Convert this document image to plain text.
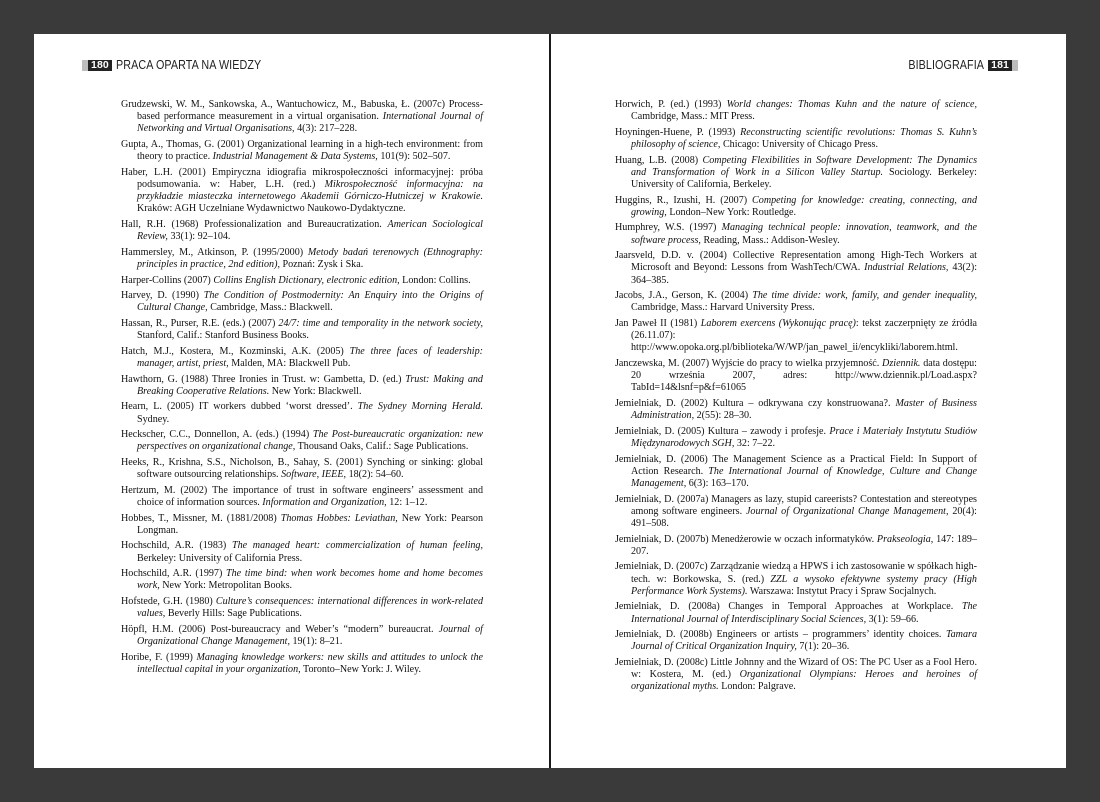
180 PRACA OPARTA NA WIEDZY

Grudzewski, W. M., Sankowska, A., Wantuchowicz, M., Babuska, Ł. (2007c) Process-based performance measurement in a virtual organisation. International Journal of Networking and Virtual Organisations, 4(3): 217–228.

Gupta, A., Thomas, G. (2001) Organizational learning in a high-tech environment: from theory to practice. Industrial Management & Data Systems, 101(9): 502–507.

Haber, L.H. (2001) Empiryczna idiografia mikrospołeczności informacyjnej: próba podsumowania. w: Haber, L.H. (red.) Mikrospołeczność informacyjna: na przykładzie miasteczka internetowego Akademii Górniczo-Hutniczej w Krakowie. Kraków: AGH Uczelniane Wydawnictwo Naukowo-Dydaktyczne.

Hall, R.H. (1968) Professionalization and Bureaucratization. American Sociological Review, 33(1): 92–104.

Hammersley, M., Atkinson, P. (1995/2000) Metody badań terenowych (Ethnography: principles in practice, 2nd edition), Poznań: Zysk i Ska.

Harper-Collins (2007) Collins English Dictionary, electronic edition, London: Collins.

Harvey, D. (1990) The Condition of Postmodernity: An Enquiry into the Origins of Cultural Change, Cambridge, Mass.: Blackwell.

Hassan, R., Purser, R.E. (eds.) (2007) 24/7: time and temporality in the network society, Stanford, Calif.: Stanford Business Books.

Hatch, M.J., Kostera, M., Kozminski, A.K. (2005) The three faces of leadership: manager, artist, priest, Malden, MA: Blackwell Pub.

Hawthorn, G. (1988) Three Ironies in Trust. w: Gambetta, D. (ed.) Trust: Making and Breaking Cooperative Relations. New York: Blackwell.

Hearn, L. (2005) IT workers dubbed ‘worst dressed’. The Sydney Morning Herald. Sydney.

Heckscher, C.C., Donnellon, A. (eds.) (1994) The Post-bureaucratic organization: new perspectives on organizational change, Thousand Oaks, Calif.: Sage Publications.

Heeks, R., Krishna, S.S., Nicholson, B., Sahay, S. (2001) Synching or sinking: global software outsourcing relationships. Software, IEEE, 18(2): 54–60.

Hertzum, M. (2002) The importance of trust in software engineers’ assessment and choice of information sources. Information and Organization, 12: 1–12.

Hobbes, T., Missner, M. (1881/2008) Thomas Hobbes: Leviathan, New York: Pearson Longman.

Hochschild, A.R. (1983) The managed heart: commercialization of human feeling, Berkeley: University of California Press.

Hochschild, A.R. (1997) The time bind: when work becomes home and home becomes work, New York: Metropolitan Books.

Hofstede, G.H. (1980) Culture’s consequences: international differences in work-related values, Beverly Hills: Sage Publications.

Höpfl, H.M. (2006) Post-bureaucracy and Weber’s “modern” bureaucrat. Journal of Organizational Change Management, 19(1): 8–21.

Horibe, F. (1999) Managing knowledge workers: new skills and attitudes to unlock the intellectual capital in your organization, Toronto–New York: J. Wiley.

BIBLIOGRAFIA 181

Horwich, P. (ed.) (1993) World changes: Thomas Kuhn and the nature of science, Cambridge, Mass.: MIT Press.

Hoyningen-Huene, P. (1993) Reconstructing scientific revolutions: Thomas S. Kuhn’s philosophy of science, Chicago: University of Chicago Press.

Huang, L.B. (2008) Competing Flexibilities in Software Development: The Dynamics and Transformation of Work in a Silicon Valley Startup. Sociology. Berkeley: University of California, Berkeley.

Huggins, R., Izushi, H. (2007) Competing for knowledge: creating, connecting, and growing, London–New York: Routledge.

Humphrey, W.S. (1997) Managing technical people: innovation, teamwork, and the software process, Reading, Mass.: Addison-Wesley.

Jaarsveld, D.D. v. (2004) Collective Representation among High-Tech Workers at Microsoft and Beyond: Lessons from WashTech/CWA. Industrial Relations, 43(2): 364–385.

Jacobs, J.A., Gerson, K. (2004) The time divide: work, family, and gender inequality, Cambridge, Mass.: Harvard University Press.

Jan Paweł II (1981) Laborem exercens (Wykonując pracę): tekst zaczerpnięty ze źródła (26.11.07): http://www.opoka.org.pl/biblioteka/W/WP/jan_pawel_ii/encykliki/laborem.html.

Janczewska, M. (2007) Wyjście do pracy to wielka przyjemność. Dziennik. data dostępu: 20 września 2007, adres: http://www.dziennik.pl/Load.aspx?TabId=14&lsnf=p&f=61065

Jemielniak, D. (2002) Kultura – odkrywana czy konstruowana?. Master of Business Administration, 2(55): 28–30.

Jemielniak, D. (2005) Kultura – zawody i profesje. Prace i Materiały Instytutu Studiów Międzynarodowych SGH, 32: 7–22.

Jemielniak, D. (2006) The Management Science as a Practical Field: In Support of Action Research. The International Journal of Knowledge, Culture and Change Management, 6(3): 163–170.

Jemielniak, D. (2007a) Managers as lazy, stupid careerists? Contestation and stereotypes among software engineers. Journal of Organizational Change Management, 20(4): 491–508.

Jemielniak, D. (2007b) Menedżerowie w oczach informatyków. Prakseologia, 147: 189–207.

Jemielniak, D. (2007c) Zarządzanie wiedzą a HPWS i ich zastosowanie w spółkach high-tech. w: Borkowska, S. (red.) ZZL a wysoko efektywne systemy pracy (High Performance Work Systems). Warszawa: Instytut Pracy i Spraw Socjalnych.

Jemielniak, D. (2008a) Changes in Temporal Approaches at Workplace. The International Journal of Interdisciplinary Social Sciences, 3(1): 59–66.

Jemielniak, D. (2008b) Engineers or artists – programmers’ identity choices. Tamara Journal of Critical Organization Inquiry, 7(1): 20–36.

Jemielniak, D. (2008c) Little Johnny and the Wizard of OS: The PC User as a Fool Hero. w: Kostera, M. (ed.) Organizational Olympians: Heroes and heroines of organizational myths. London: Palgrave.
